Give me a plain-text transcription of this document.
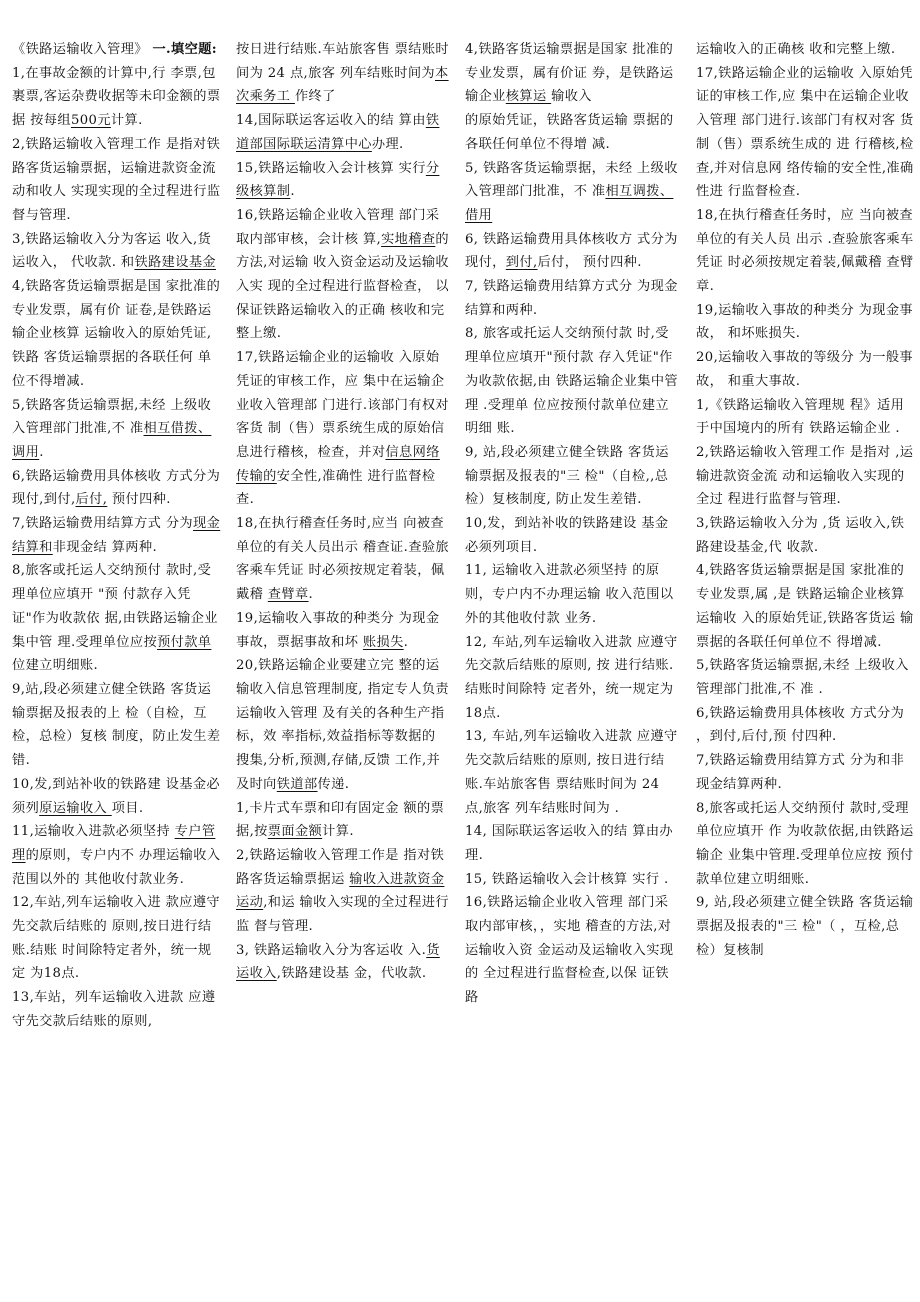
《铁路运输收入管理》 一.填空题:1,在事故金额的计算中,行 李票,包裹票,客运杂费收据等未印金额的票据 按每组500元计算.
2,铁路运输收入管理工作 是指对铁路客货运输票据，运输进款资金流动和收人 实现实现的全过程进行监 督与管理.
3,铁路运输收入分为客运 收入,货运收入， 代收款. 和铁路建设基金
4,铁路客货运输票据是国 家批准的专业发票，属有价 证卷,是铁路运输企业核算 运输收入的原始凭证,铁路 客货运输票据的各联任何 单位不得增减.
5,铁路客货运输票据,未经 上级收入管理部门批准,不 准相互借拨、调用.
6,铁路运输费用具体核收 方式分为现付,到付,后付, 预付四种.
7,铁路运输费用结算方式 分为现金结算和非现金结 算两种.
8,旅客或托运人交纳预付 款时,受理单位应填开 "预 付款存入凭证"作为收款依 据,由铁路运输企业集中管 理.受理单位应按预付款单 位建立明细账.
9,站,段必须建立健全铁路 客货运输票据及报表的上 检（自检，互检，总检）复核 制度，防止发生差错.
10,发,到站补收的铁路建 设基金必须列原运输收入 项目.
11,运输收入进款必须坚持 专户管理的原则，专户内不 办理运输收入范围以外的 其他收付款业务.
12,车站,列车运输收入进 款应遵守先交款后结账的 原则,按日进行结账.结账 时间除特定者外，统一规定 为18点.
13,车站，列车运输收入进款 应遵守先交款后结账的原则,
按日进行结账.车站旅客售 票结账时间为 24 点,旅客 列车结账时间为本次乘务工 作终了
14,国际联运客运收入的结 算由铁道部国际联运清算中心办理.
15,铁路运输收入会计核算 实行分级核算制.
16,铁路运输企业收入管理 部门采取内部审核，会计核 算,实地稽查的方法,对运输 收入资金运动及运输收入实 现的全过程进行监督检查， 以保证铁路运输收入的正确 核收和完整上缴.
17,铁路运输企业的运输收 入原始凭证的审核工作，应 集中在运输企业收入管理部 门进行.该部门有权对客货 制（售）票系统生成的原始信 息进行稽核，检查，并对信息网络传输的安全性,准确性 进行监督检查.
18,在执行稽查任务时,应当 向被查单位的有关人员出示 稽查证.查验旅客乘车凭证 时必须按规定着装，佩戴稽 查臂章.
19,运输收入事故的种类分 为现金事故，票据事故和坏 账损失.
20,铁路运输企业要建立完 整的运输收入信息管理制度, 指定专人负责运输收入管理 及有关的各种生产指标，效 率指标,效益指标等数据的 搜集,分析,预测,存储,反馈 工作,并及时向铁道部传递.
1,卡片式车票和印有固定金 额的票据,按票面金额计算.
2,铁路运输收入管理工作是 指对铁路客货运输票据运 输收入进款资金运动,和运 输收入实现的全过程进行监 督与管理.
3, 铁路运输收入分为客运收 入.货运收入,铁路建设基 金，代收款.
4,铁路客货运输票据是国家 批准的专业发票，属有价证 券，是铁路运输企业核算运 输收入
的原始凭证，铁路客货运输 票据的各联任何单位不得增 减.
5, 铁路客货运输票据，未经 上级收入管理部门批准，不 准相互调拨、借用
6, 铁路运输费用具体核收方 式分为现付，到付,后付， 预付四种.
7, 铁路运输费用结算方式分 为现金结算和两种.
8, 旅客或托运人交纳预付款 时,受理单位应填开"预付款 存入凭证"作为收款依据,由 铁路运输企业集中管理 .受理单 位应按预付款单位建立明细 账.
9, 站,段必须建立健全铁路 客货运输票据及报表的"三 检"（自检,,总检）复核制度, 防止发生差错.
10,发，到站补收的铁路建设 基金必须列项目.
11, 运输收入进款必须坚持 的原则，专户内不办理运输 收入范围以外的其他收付款 业务.
12, 车站,列车运输收入进款 应遵守先交款后结账的原则, 按 进行结账.结账时间除特 定者外，统一规定为18点.
13, 车站,列车运输收入进款 应遵守先交款后结账的原则, 按日进行结账.车站旅客售 票结账时间为 24 点,旅客 列车结账时间为 .
14, 国际联运客运收入的结 算由办理.
15, 铁路运输收入会计核算 实行 .
16,铁路运输企业收入管理 部门采取内部审核，，实地 稽查的方法,对运输收入资 金运动及运输收入实现的 全过程进行监督检查,以保 证铁路
运输收入的正确核 收和完整上缴.
17,铁路运输企业的运输收 入原始凭证的审核工作,应 集中在运输企业收入管理 部门进行.该部门有权对客 货制（售）票系统生成的 进 行稽核,检查,并对信息网 络传输的安全性,准确性进 行监督检查.
18,在执行稽查任务时，应 当向被查单位的有关人员 出示 .查验旅客乘车凭证 时必须按规定着装,佩戴稽 查臂章.
19,运输收入事故的种类分 为现金事故， 和坏账损失.
20,运输收入事故的等级分 为一般事故， 和重大事故.
1,《铁路运输收入管理规 程》适用于中国境内的所有 铁路运输企业 .
2,铁路运输收入管理工作 是指对 ,运输进款资金流 动和运输收入实现的全过 程进行监督与管理.
3,铁路运输收入分为 ,货 运收入,铁路建设基金,代 收款.
4,铁路客货运输票据是国 家批准的专业发票,属 ,是 铁路运输企业核算运输收 入的原始凭证,铁路客货运 输票据的各联任何单位不 得增减.
5,铁路客货运输票据,未经 上级收入管理部门批准,不 准 .
6,铁路运输费用具体核收 方式分为 ，到付,后付,预 付四种.
7,铁路运输费用结算方式 分为和非现金结算两种.
8,旅客或托运人交纳预付 款时,受理单位应填开 作 为收款依据,由铁路运输企 业集中管理.受理单位应按 预付款单位建立明细账.
9, 站,段必须建立健全铁路 客货运输票据及报表的"三 检"（ ，互检,总检）复核制
